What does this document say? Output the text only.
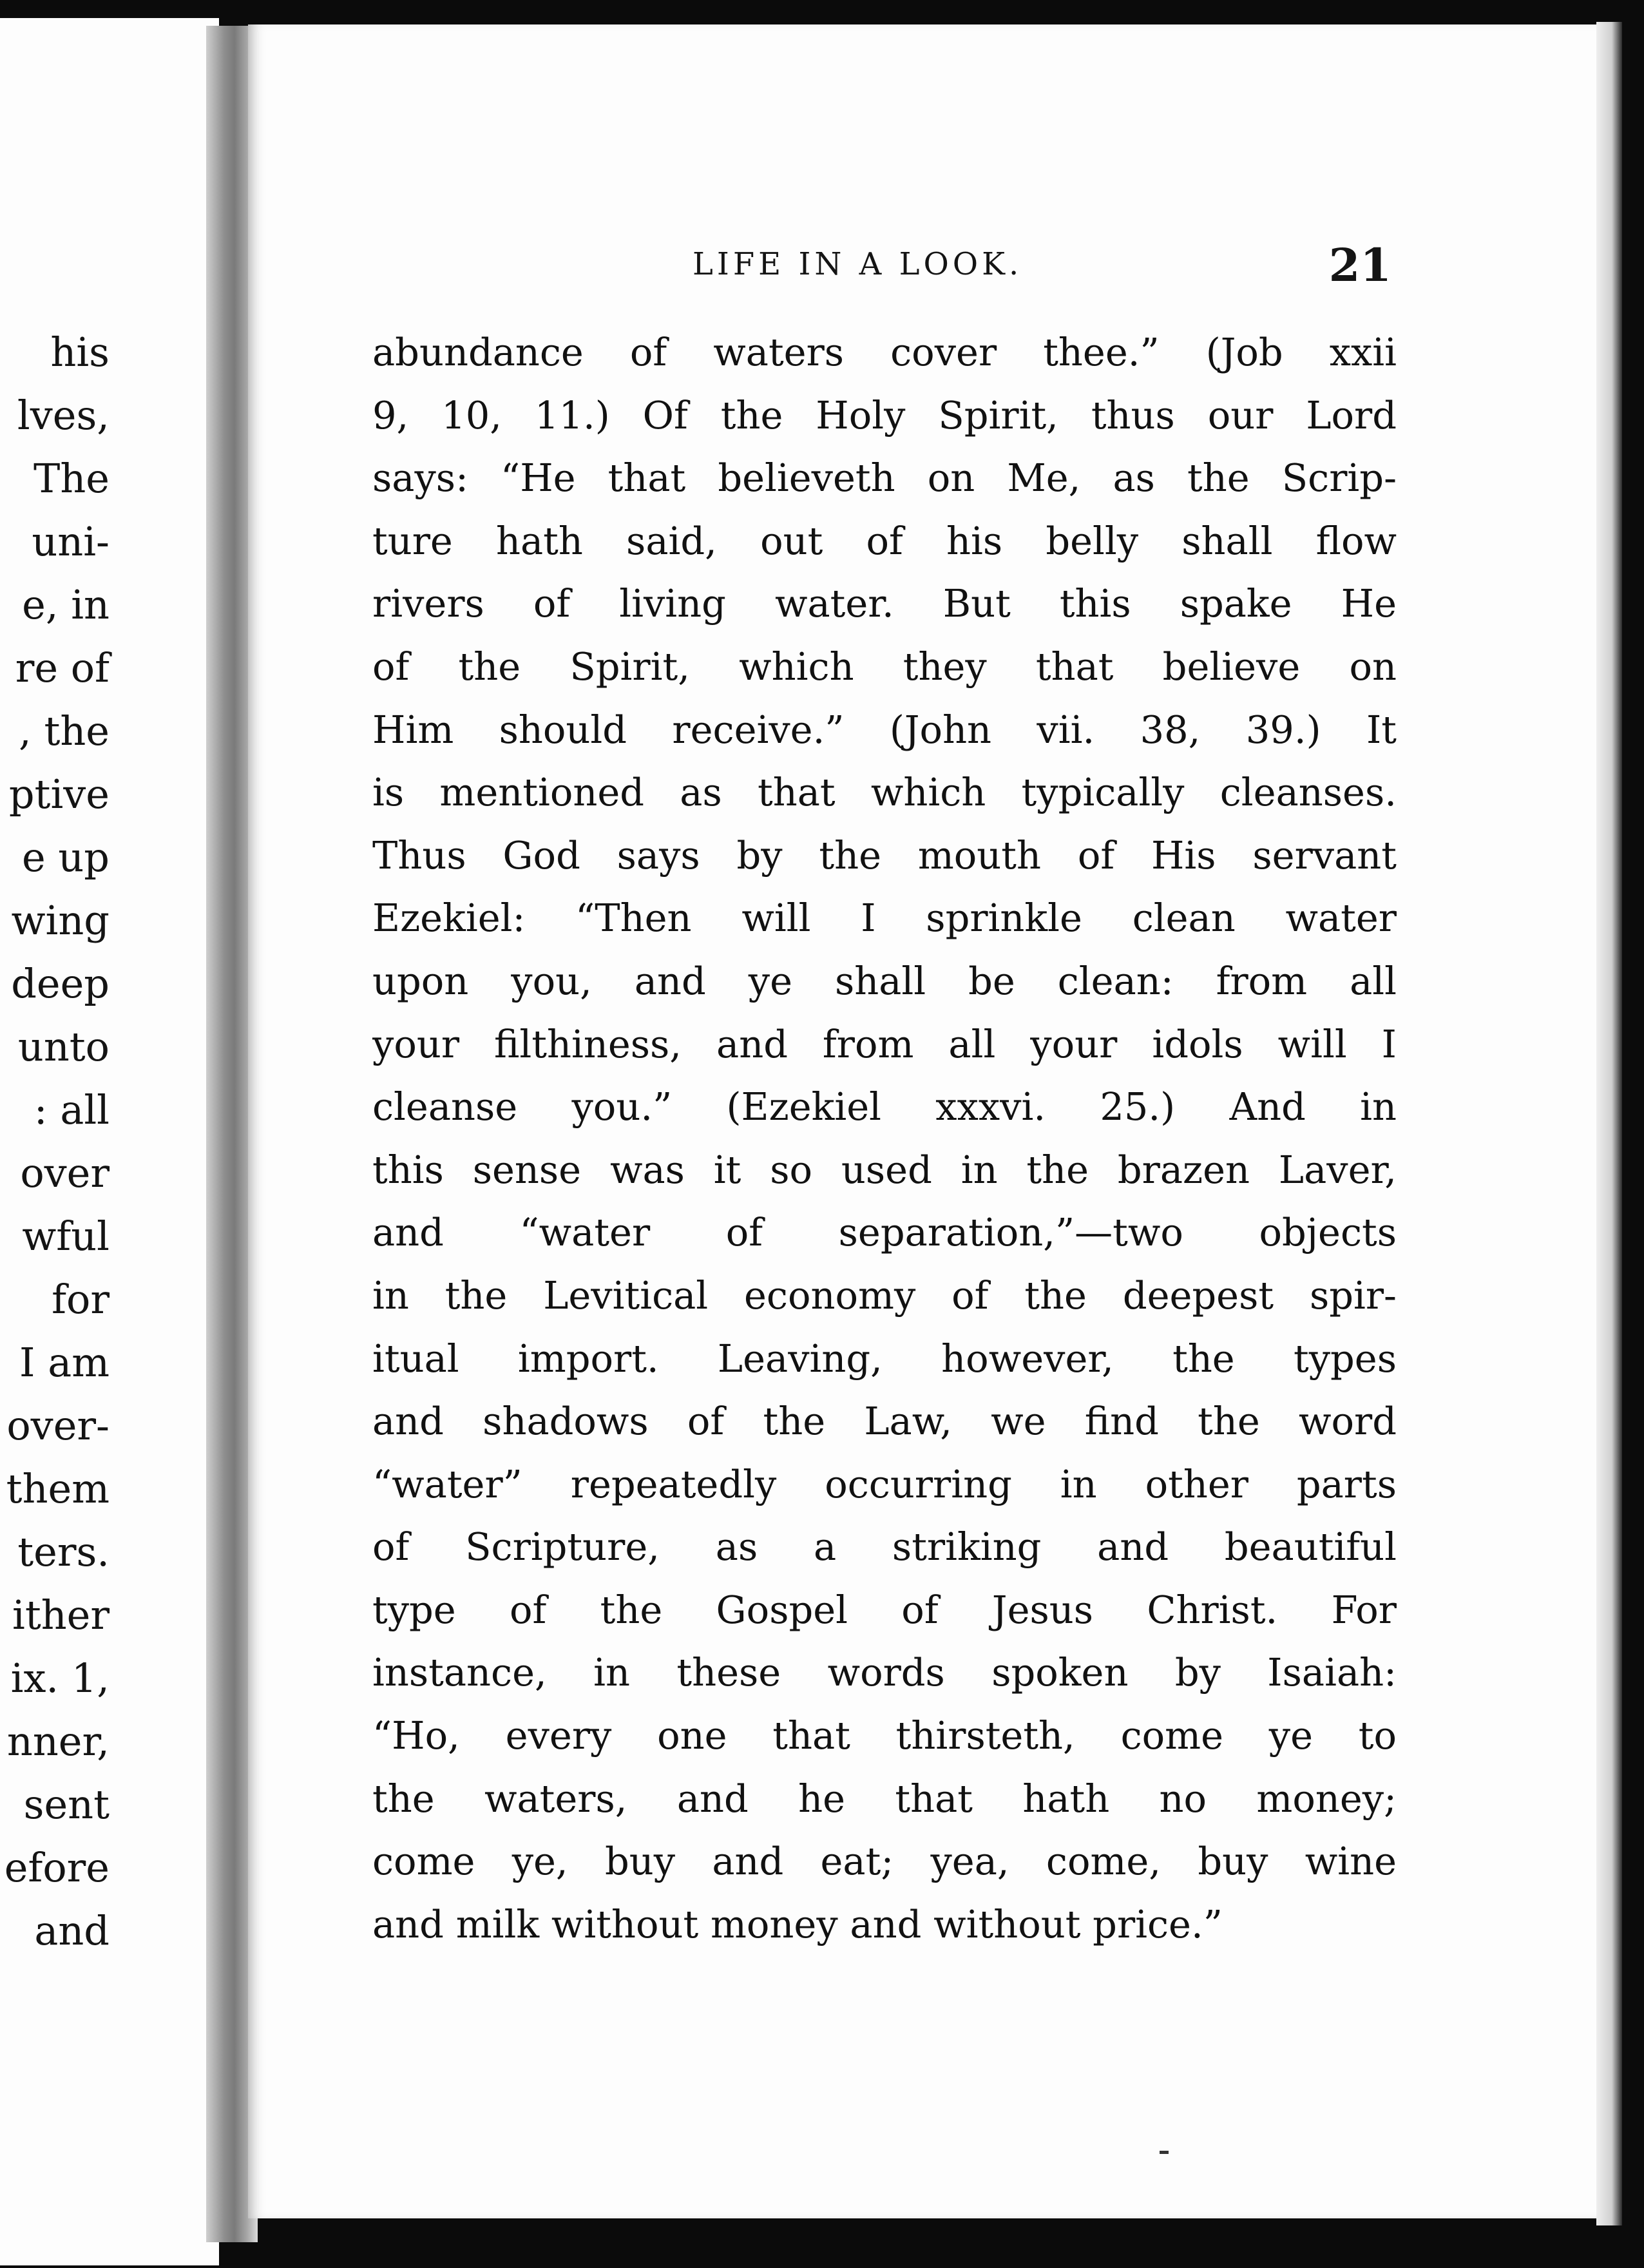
his
lves,
The
uni-
e, in
re of
, the
ptive
e up
wing
deep
unto
: all
over
wful
for
I am
over-
them
ters.
ither
ix. 1,
nner,
sent
efore
and
LIFE IN A LOOK.	21
abundance of waters cover thee.” (Job xxii
9, 10, 11.) Of the Holy Spirit, thus our Lord
says: “He that believeth on Me, as the Scrip-
ture hath said, out of his belly shall flow
rivers of living water. But this spake He
of the Spirit, which they that believe on
Him should receive.” (John vii. 38, 39.) It
is mentioned as that which typically cleanses.
Thus God says by the mouth of His servant
Ezekiel: “Then will I sprinkle clean water
upon you, and ye shall be clean: from all
your filthiness, and from all your idols will I
cleanse you.” (Ezekiel xxxvi. 25.) And in
this sense was it so used in the brazen Laver,
and “water of separation,”—two objects
in the Levitical economy of the deepest spir-
itual import. Leaving, however, the types
and shadows of the Law, we find the word
“water” repeatedly occurring in other parts
of Scripture, as a striking and beautiful
type of the Gospel of Jesus Christ. For
instance, in these words spoken by Isaiah:
“Ho, every one that thirsteth, come ye to
the waters, and he that hath no money;
come ye, buy and eat; yea, come, buy wine
and milk without money and without price.”
